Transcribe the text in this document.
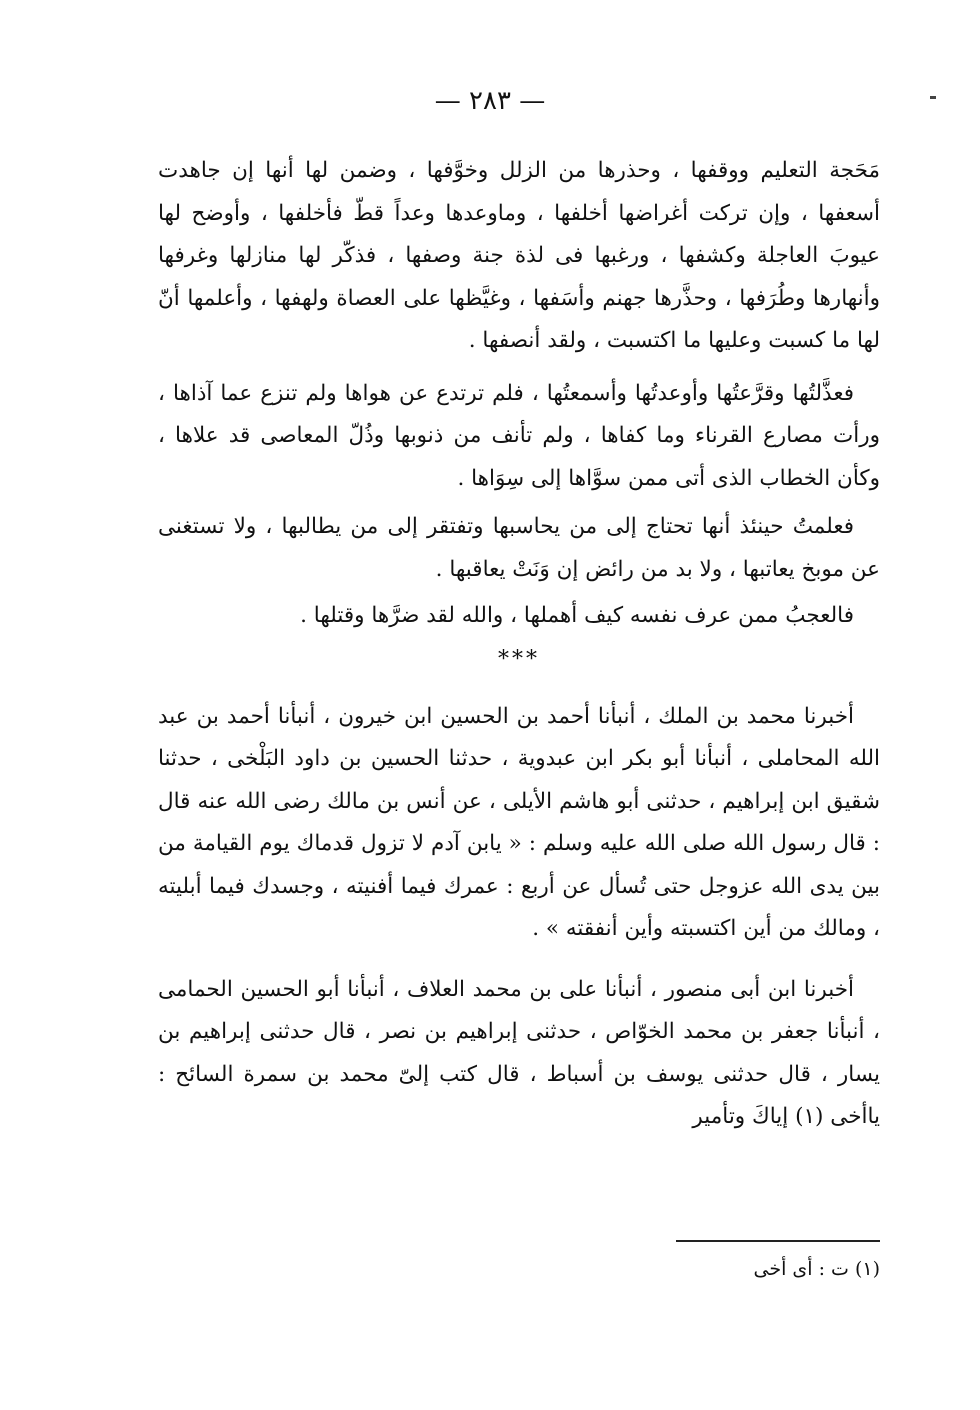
— ٢٨٣ —

مَحَجة التعليم ووقفها ، وحذرها من الزلل وخوَّفها ، وضمن لها أنها إن جاهدت أسعفها ، وإن تركت أغراضها أخلفها ، وماوعدها وعداً قطّ فأخلفها ، وأوضح لها عيوبَ العاجلة وكشفها ، ورغبها فى لذة جنة وصفها ، فذكّر لها منازلها وغرفها وأنهارها وطُرَفها ، وحذَّرها جهنم وأسَفها ، وغيَّظها على العصاة ولهفها ، وأعلمها أنّ لها ما كسبت وعليها ما اكتسبت ، ولقد أنصفها .

فعذَّلتُها وقرَّعتُها وأوعدتُها وأسمعتُها ، فلم ترتدع عن هواها ولم تنزع عما آذاها ، ورأت مصارع القرناء وما كفاها ، ولم تأنف من ذنوبها وذُلّ المعاصى قد علاها ، وكأن الخطاب الذى أتى ممن سوَّاها إلى سِوَاها .

فعلمتُ حينئذ أنها تحتاج إلى من يحاسبها وتفتقر إلى من يطالبها ، ولا تستغنى عن موبخ يعاتبها ، ولا بد من رائض إن وَنَتْ يعاقبها .

فالعجبُ ممن عرف نفسه كيف أهملها ، والله لقد ضرَّها وقتلها .

***

أخبرنا محمد بن الملك ، أنبأنا أحمد بن الحسين ابن خيرون ، أنبأنا أحمد بن عبد الله المحاملى ، أنبأنا أبو بكر ابن عبدوية ، حدثنا الحسين بن داود البَلْخى ، حدثنا شقيق ابن إبراهيم ، حدثنى أبو هاشم الأيلى ، عن أنس بن مالك رضى الله عنه قال : قال رسول الله صلى الله عليه وسلم : « يابن آدم لا تزول قدماك يوم القيامة من بين يدى الله عزوجل حتى تُسأل عن أربع : عمرك فيما أفنيته ، وجسدك فيما أبليته ، ومالك من أين اكتسبته وأين أنفقته » .

أخبرنا ابن أبى منصور ، أنبأنا على بن محمد العلاف ، أنبأنا أبو الحسين الحمامى ، أنبأنا جعفر بن محمد الخوّاص ، حدثنى إبراهيم بن نصر ، قال حدثنى إبراهيم بن يسار ، قال حدثنى يوسف بن أسباط ، قال كتب إلىّ محمد بن سمرة السائح : ياأخى (١) إياكَ وتأمير

(١) ت : أى أخى
